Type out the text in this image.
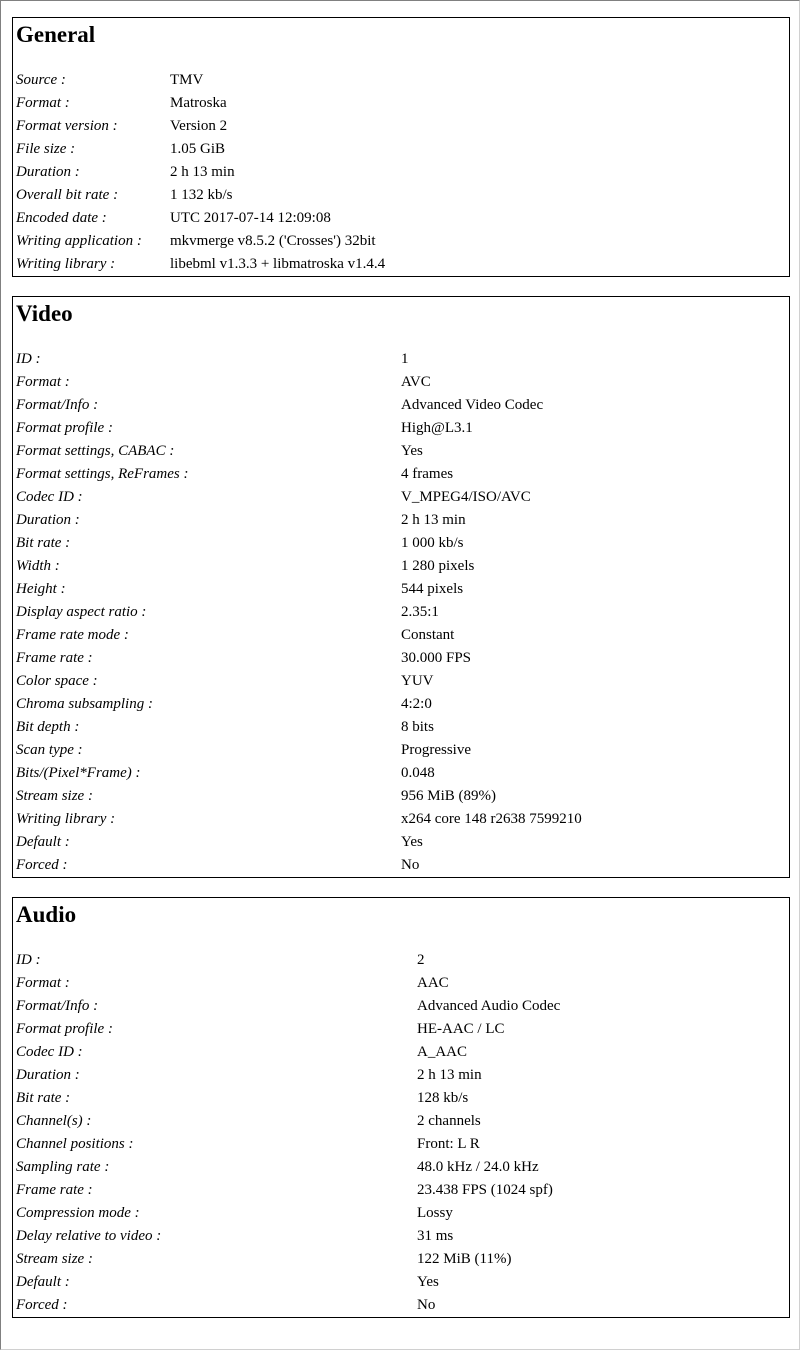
General
Source :	TMV
Format :	Matroska
Format version :	Version 2
File size :	1.05 GiB
Duration :	2 h 13 min
Overall bit rate :	1 132 kb/s
Encoded date :	UTC 2017-07-14 12:09:08
Writing application : mkvmerge v8.5.2 ('Crosses') 32bit
Writing library :	libebml v1.3.3 + libmatroska v1.4.4
Video
ID :	1
Format :	AVC
Format/Info :	Advanced Video Codec
Format profile :	High@L3.1
Format settings, CABAC :	Yes
Format settings, ReFrames :	4 frames
Codec ID :	V_MPEG4/ISO/AVC
Duration :	2 h 13 min
Bit rate :	1 000 kb/s
Width :	1 280 pixels
Height :	544 pixels
Display aspect ratio :	2.35:1
Frame rate mode :	Constant
Frame rate :	30.000 FPS
Color space :	YUV
Chroma subsampling :	4:2:0
Bit depth :	8 bits
Scan type :	Progressive
Bits/(Pixel*Frame) :	0.048
Stream size :	956 MiB (89%)
Writing library :	x264 core 148 r2638 7599210
Default :	Yes
Forced :	No
Audio
ID :	2
Format :	AAC
Format/Info :	Advanced Audio Codec
Format profile :	HE-AAC / LC
Codec ID :	A_AAC
Duration :	2 h 13 min
Bit rate :	128 kb/s
Channel(s) :	2 channels
Channel positions :	Front: L R
Sampling rate :	48.0 kHz / 24.0 kHz
Frame rate :	23.438 FPS (1024 spf)
Compression mode :	Lossy
Delay relative to video :	31 ms
Stream size :	122 MiB (11%)
Default :	Yes
Forced :	No
